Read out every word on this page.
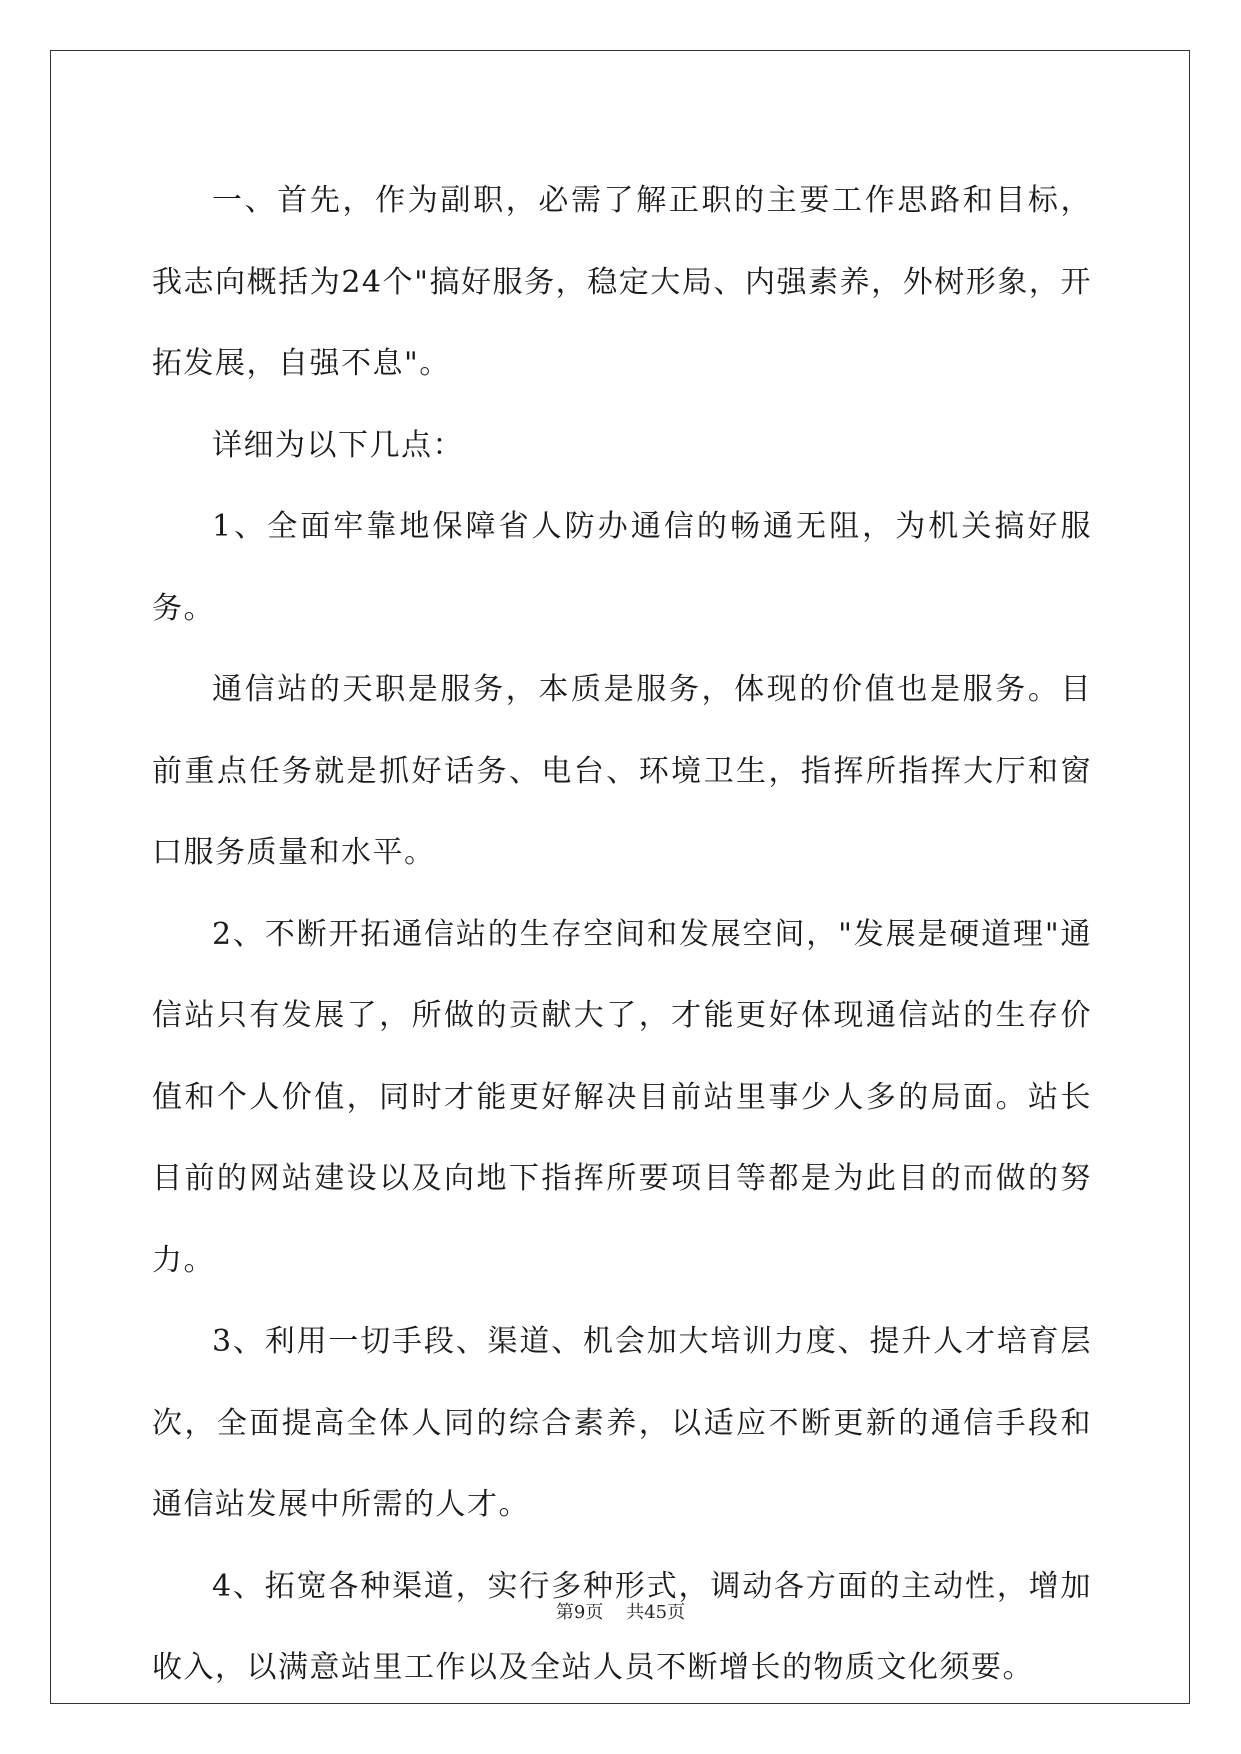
一、首先，作为副职，必需了解正职的主要工作思路和目标，我志向概括为24个"搞好服务，稳定大局、内强素养，外树形象，开拓发展，自强不息"。

详细为以下几点：

1、全面牢靠地保障省人防办通信的畅通无阻，为机关搞好服务。

通信站的天职是服务，本质是服务，体现的价值也是服务。目前重点任务就是抓好话务、电台、环境卫生，指挥所指挥大厅和窗口服务质量和水平。

2、不断开拓通信站的生存空间和发展空间，"发展是硬道理"通信站只有发展了，所做的贡献大了，才能更好体现通信站的生存价值和个人价值，同时才能更好解决目前站里事少人多的局面。站长目前的网站建设以及向地下指挥所要项目等都是为此目的而做的努力。

3、利用一切手段、渠道、机会加大培训力度、提升人才培育层次，全面提高全体人同的综合素养，以适应不断更新的通信手段和通信站发展中所需的人才。

4、拓宽各种渠道，实行多种形式，调动各方面的主动性，增加收入，以满意站里工作以及全站人员不断增长的物质文化须要。

第9页 共45页
